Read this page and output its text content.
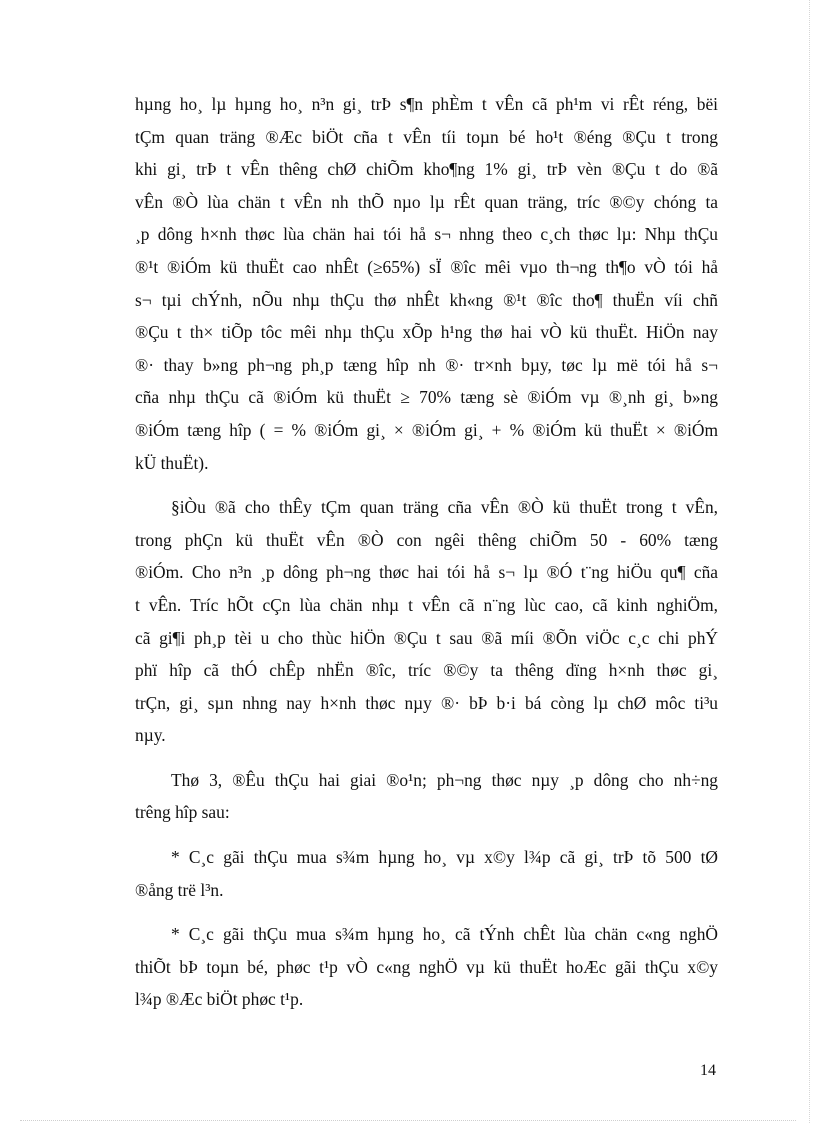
hµng ho¸ lµ hµng ho¸ n³n gi¸ trÞ s¶n phÈm t vÊn cã ph¹m vi rÊt réng, bëi
tÇm quan träng ®Æc biÖt cña t vÊn tíi toµn bé ho¹t ®éng ®Çu t trong
khi gi¸ trÞ t vÊn thêng chØ chiÕm kho¶ng 1% gi¸ trÞ vèn ®Çu t do ®ã
vÊn ®Ò lùa chän t vÊn nh thÕ nµo lµ rÊt quan träng, tríc ®©y chóng ta
¸p dông h×nh thøc lùa chän hai tói hå s¬ nhng theo c¸ch thøc lµ: Nhµ thÇu
®¹t ®iÓm kü thuËt cao nhÊt (≥65%) sÏ ®îc mêi vµo th¬ng th¶o vÒ tói hå
s¬ tµi chÝnh, nÕu nhµ thÇu thø nhÊt kh«ng ®¹t ®îc tho¶ thuËn víi chñ
®Çu t th× tiÕp tôc mêi nhµ thÇu xÕp h¹ng thø hai vÒ kü thuËt. HiÖn nay
®· thay b»ng ph¬ng ph¸p tæng hîp nh ®· tr×nh bµy, tøc lµ më tói hå s¬
cña nhµ thÇu cã ®iÓm kü thuËt ≥ 70% tæng sè ®iÓm vµ ®¸nh gi¸ b»ng
®iÓm tæng hîp ( = % ®iÓm gi¸ × ®iÓm gi¸ + % ®iÓm kü thuËt × ®iÓm
kÜ thuËt).
§iÒu ®ã cho thÊy tÇm quan träng cña vÊn ®Ò kü thuËt trong t vÊn,
trong phÇn kü thuËt vÊn ®Ò con ngêi thêng chiÕm 50 - 60% tæng
®iÓm. Cho n³n ¸p dông ph¬ng thøc hai tói hå s¬ lµ ®Ó t¨ng hiÖu qu¶ cña
t vÊn. Tríc hÕt cÇn lùa chän nhµ t vÊn cã n¨ng lùc cao, cã kinh nghiÖm,
cã gi¶i ph¸p tèi u cho thùc hiÖn ®Çu t sau ®ã míi ®Õn viÖc c¸c chi phÝ
phï hîp cã thÓ chÊp nhËn ®îc, tríc ®©y ta thêng dïng h×nh thøc gi¸
trÇn, gi¸ sµn nhng nay h×nh thøc nµy ®· bÞ b·i bá còng lµ chØ môc ti³u
nµy.
Thø 3, ®Êu thÇu hai giai ®o¹n; ph¬ng thøc nµy ¸p dông cho nh÷ng
trêng hîp sau:
* C¸c gãi thÇu mua s¾m hµng ho¸ vµ x©y l¾p cã gi¸ trÞ tõ 500 tØ
®ång trë l³n.
* C¸c gãi thÇu mua s¾m hµng ho¸ cã tÝnh chÊt lùa chän c«ng nghÖ
thiÕt bÞ toµn bé, phøc t¹p vÒ c«ng nghÖ vµ kü thuËt hoÆc gãi thÇu x©y
l¾p ®Æc biÖt phøc t¹p.
14
